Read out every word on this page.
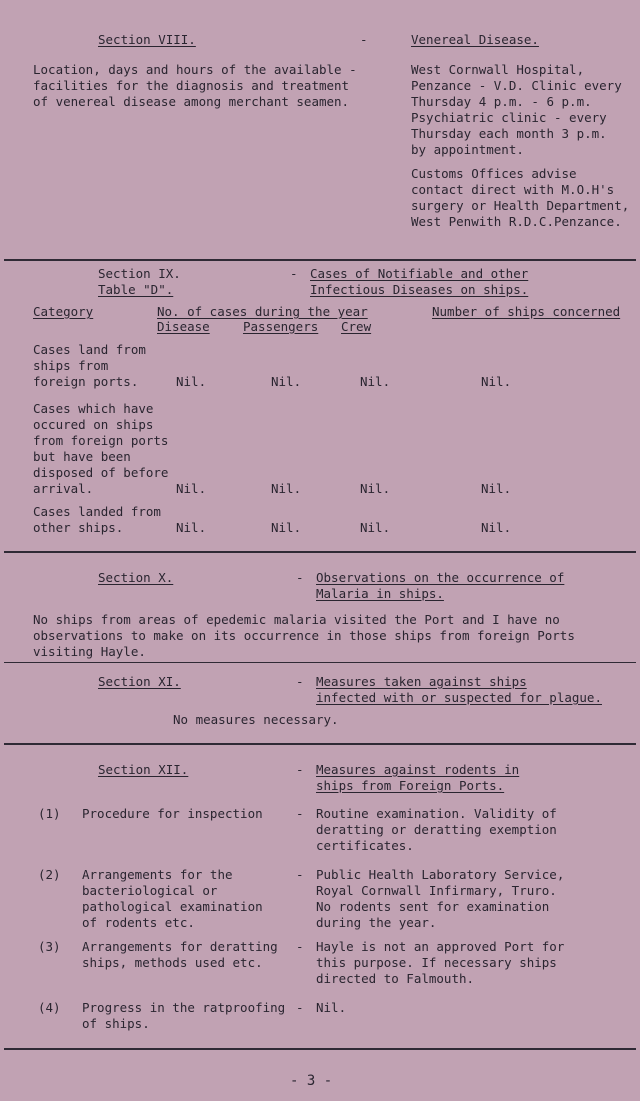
Section VIII.	-	Venereal Disease.
Location, days and hours of the available -
facilities for the diagnosis and treatment
of venereal disease among merchant seamen.
West Cornwall Hospital,
Penzance - V.D. Clinic every
Thursday 4 p.m. - 6 p.m.
Psychiatric clinic - every
Thursday each month 3 p.m.
by appointment.
Customs Offices advise
contact direct with M.O.H's
surgery or Health Department,
West Penwith R.D.C.Penzance.
Section IX.
Table "D".
- Cases of Notifiable and other
Infectious Diseases on ships.
Category	No. of cases during the year	Number of ships concerned
Disease	Passengers Crew
Cases land from
ships from
foreign ports.	Nil.	Nil.	Nil.	Nil.
Cases which have
occured on ships
from foreign ports
but have been
disposed of before
arrival.	Nil.	Nil.	Nil.	Nil.
Cases landed from
other ships.	Nil.	Nil.	Nil.	Nil.
Section X.	- Observations on the occurrence of
Malaria in ships.
No ships from areas of epedemic malaria visited the Port and I have no
observations to make on its occurrence in those ships from foreign Ports
visiting Hayle.
Section XI.	- Measures taken against ships
infected with or suspected for plague.
No measures necessary.
Section XII.	- Measures against rodents in
ships from Foreign Ports.
(1) Procedure for inspection	- Routine examination. Validity of
deratting or deratting exemption
certificates.
(2) Arrangements for the
bacteriological or
pathological examination
of rodents etc.
- Public Health Laboratory Service,
Royal Cornwall Infirmary, Truro.
No rodents sent for examination
during the year.
(3) Arrangements for deratting
ships, methods used etc.
- Hayle is not an approved Port for
this purpose. If necessary ships
directed to Falmouth.
(4) Progress in the ratproofing
of ships.
- Nil.
- 3 -
